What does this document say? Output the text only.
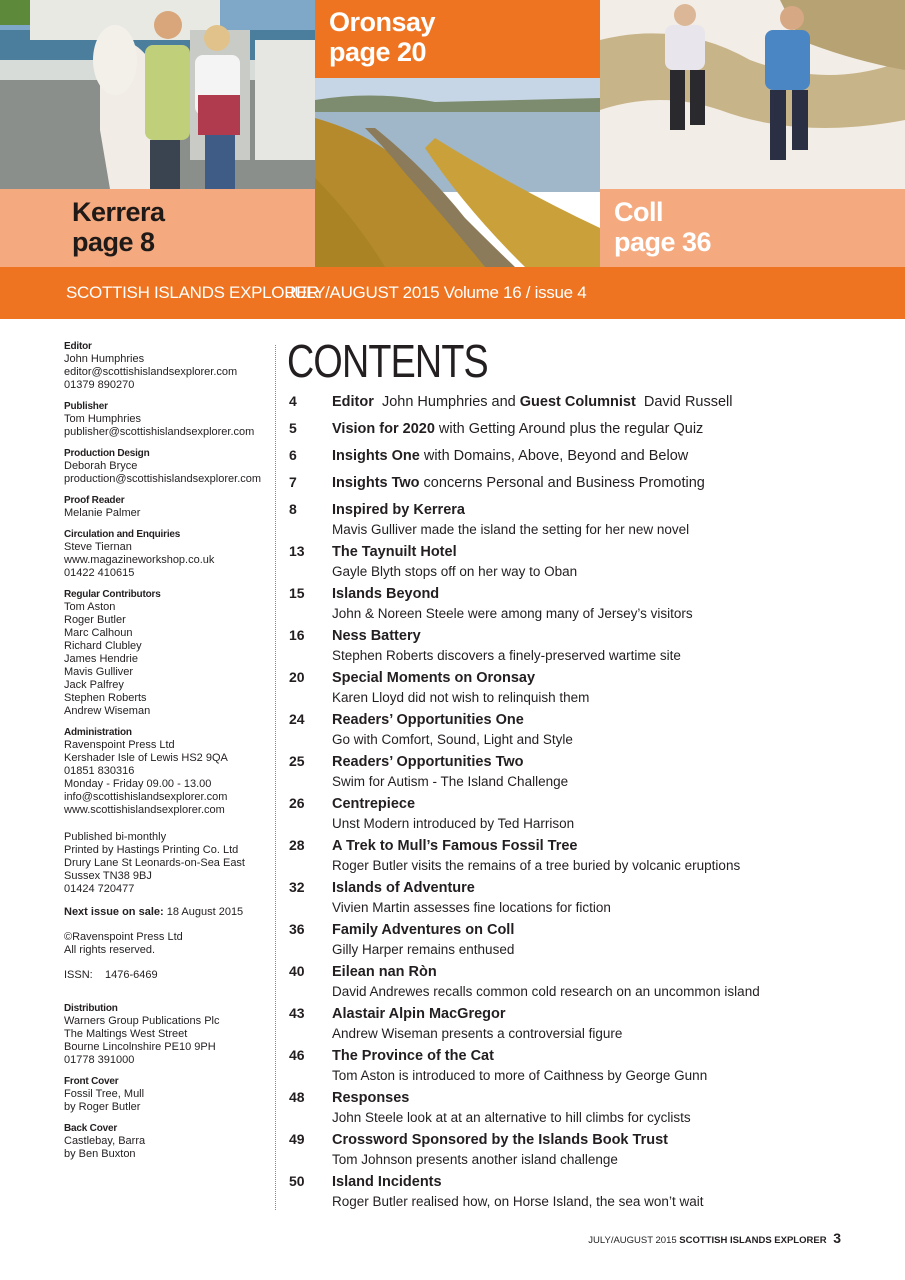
Kerrera
page 8
Oronsay
page 20
Coll
page 36
SCOTTISH ISLANDS EXPLORER
JULY/AUGUST 2015 Volume 16 / issue 4
Editor
John Humphries
editor@scottishislandsexplorer.com
01379 890270
Publisher
Tom Humphries
publisher@scottishislandsexplorer.com
Production Design
Deborah Bryce
production@scottishislandsexplorer.com
Proof Reader
Melanie Palmer
Circulation and Enquiries
Steve Tiernan
www.magazineworkshop.co.uk
01422 410615
Regular Contributors
Tom Aston
Roger Butler
Marc Calhoun
Richard Clubley
James Hendrie
Mavis Gulliver
Jack Palfrey
Stephen Roberts
Andrew Wiseman
Administration
Ravenspoint Press Ltd
Kershader Isle of Lewis HS2 9QA
01851 830316
Monday - Friday 09.00 - 13.00
info@scottishislandsexplorer.com
www.scottishislandsexplorer.com
Published bi-monthly
Printed by Hastings Printing Co. Ltd
Drury Lane St Leonards-on-Sea East
Sussex TN38 9BJ
01424 720477
Next issue on sale: 18 August 2015
©Ravenspoint Press Ltd
All rights reserved.
ISSN: 1476-6469
Distribution
Warners Group Publications Plc
The Maltings West Street
Bourne Lincolnshire PE10 9PH
01778 391000
Front Cover
Fossil Tree, Mull
by Roger Butler
Back Cover
Castlebay, Barra
by Ben Buxton
CONTENTS
4 Editor  John Humphries and Guest Columnist  David Russell
5 Vision for 2020 with Getting Around plus the regular Quiz
6 Insights One with Domains, Above, Beyond and Below
7 Insights Two concerns Personal and Business Promoting
8 Inspired by Kerrera
Mavis Gulliver made the island the setting for her new novel
13 The Taynuilt Hotel
Gayle Blyth stops off on her way to Oban
15 Islands Beyond
John & Noreen Steele were among many of Jersey’s visitors
16 Ness Battery
Stephen Roberts discovers a finely-preserved wartime site
20 Special Moments on Oronsay
Karen Lloyd did not wish to relinquish them
24 Readers’ Opportunities One
Go with Comfort, Sound, Light and Style
25 Readers’ Opportunities Two
Swim for Autism - The Island Challenge
26 Centrepiece
Unst Modern introduced by Ted Harrison
28 A Trek to Mull’s Famous Fossil Tree
Roger Butler visits the remains of a tree buried by volcanic eruptions
32 Islands of Adventure
Vivien Martin assesses fine locations for fiction
36 Family Adventures on Coll
Gilly Harper remains enthused
40 Eilean nan Ròn
David Andrewes recalls common cold research on an uncommon island
43 Alastair Alpin MacGregor
Andrew Wiseman presents a controversial figure
46 The Province of the Cat
Tom Aston is introduced to more of Caithness by George Gunn
48 Responses
John Steele look at at an alternative to hill climbs for cyclists
49 Crossword Sponsored by the Islands Book Trust
Tom Johnson presents another island challenge
50 Island Incidents
Roger Butler realised how, on Horse Island, the sea won’t wait
JULY/AUGUST 2015 SCOTTISH ISLANDS EXPLORER 3
